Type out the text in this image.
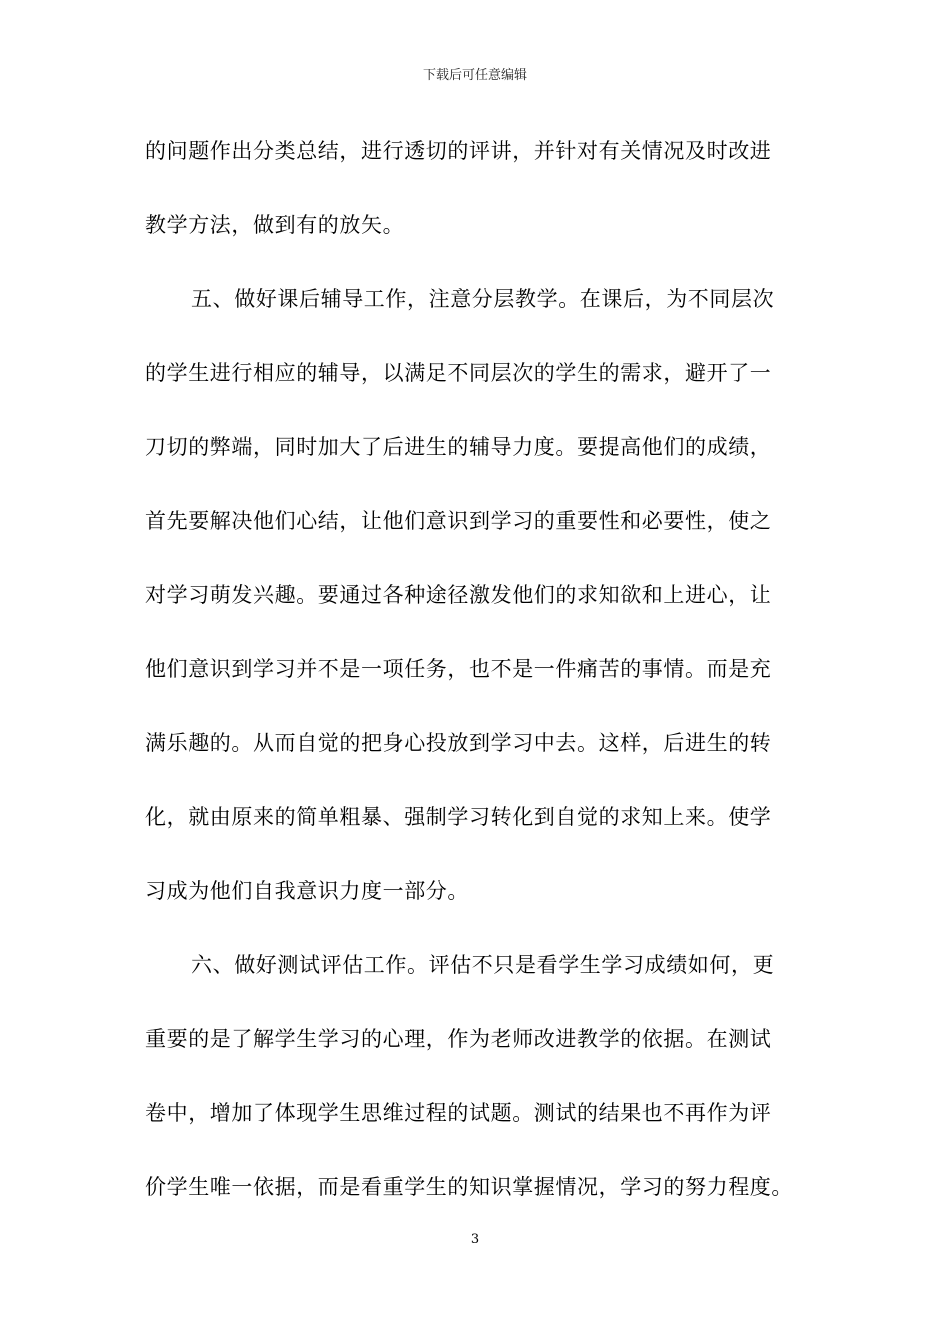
下载后可任意编辑
的问题作出分类总结，进行透切的评讲，并针对有关情况及时改进
教学方法，做到有的放矢。
五、做好课后辅导工作，注意分层教学。在课后，为不同层次
的学生进行相应的辅导，以满足不同层次的学生的需求，避开了一
刀切的弊端，同时加大了后进生的辅导力度。要提高他们的成绩，
首先要解决他们心结，让他们意识到学习的重要性和必要性，使之
对学习萌发兴趣。要通过各种途径激发他们的求知欲和上进心，让
他们意识到学习并不是一项任务，也不是一件痛苦的事情。而是充
满乐趣的。从而自觉的把身心投放到学习中去。这样，后进生的转
化，就由原来的简单粗暴、强制学习转化到自觉的求知上来。使学
习成为他们自我意识力度一部分。
六、做好测试评估工作。评估不只是看学生学习成绩如何，更
重要的是了解学生学习的心理，作为老师改进教学的依据。在测试
卷中，增加了体现学生思维过程的试题。测试的结果也不再作为评
价学生唯一依据，而是看重学生的知识掌握情况，学习的努力程度。
3
